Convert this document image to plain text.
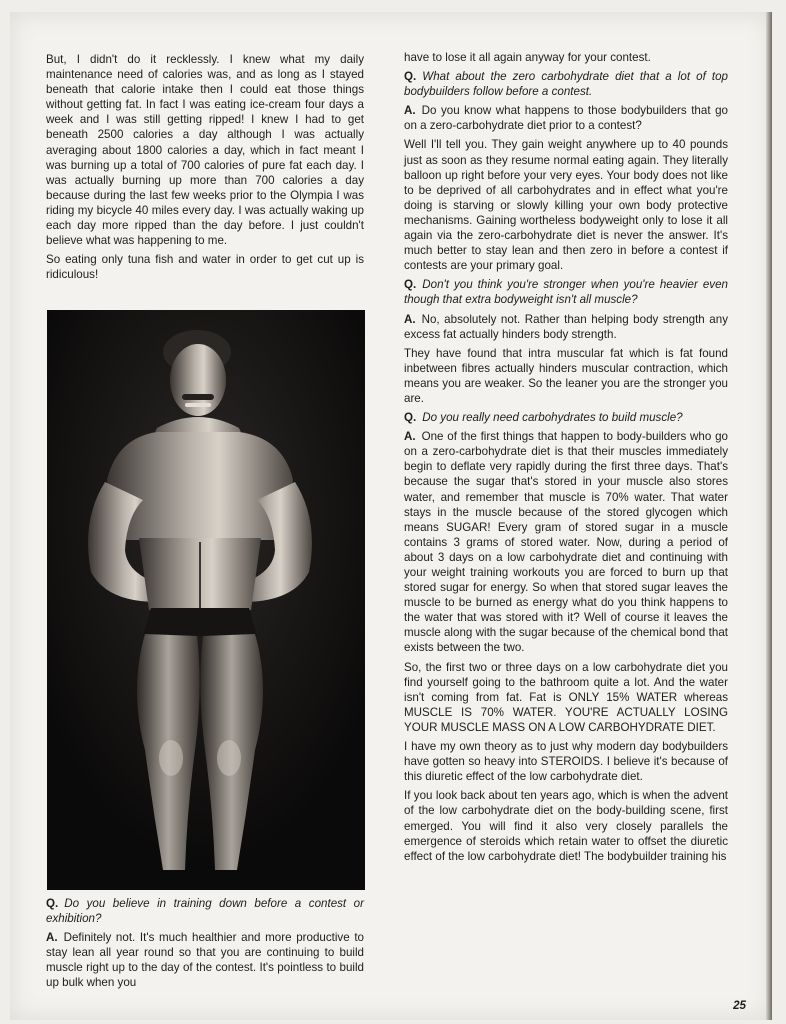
But, I didn't do it recklessly. I knew what my daily maintenance need of calories was, and as long as I stayed beneath that calorie intake then I could eat those things without getting fat. In fact I was eating ice-cream four days a week and I was still getting ripped! I knew I had to get beneath 2500 calories a day although I was actually averaging about 1800 calories a day, which in fact meant I was burning up a total of 700 calories of pure fat each day. I was actually burning up more than 700 calories a day because during the last few weeks prior to the Olympia I was riding my bicycle 40 miles every day. I was actually waking up each day more ripped than the day before. I just couldn't believe what was happening to me.

So eating only tuna fish and water in order to get cut up is ridiculous!

Q. Do you believe in training down before a contest or exhibition?

A. Definitely not. It's much healthier and more productive to stay lean all year round so that you are continuing to build muscle right up to the day of the contest. It's pointless to build up bulk when you

have to lose it all again anyway for your contest.

Q. What about the zero carbohydrate diet that a lot of top bodybuilders follow before a contest.

A. Do you know what happens to those bodybuilders that go on a zero-carbohydrate diet prior to a contest?

Well I'll tell you. They gain weight anywhere up to 40 pounds just as soon as they resume normal eating again. They literally balloon up right before your very eyes. Your body does not like to be deprived of all carbohydrates and in effect what you're doing is starving or slowly killing your own body protective mechanisms. Gaining wortheless bodyweight only to lose it all again via the zero-carbohydrate diet is never the answer. It's much better to stay lean and then zero in before a contest if contests are your primary goal.

Q. Don't you think you're stronger when you're heavier even though that extra bodyweight isn't all muscle?

A. No, absolutely not. Rather than helping body strength any excess fat actually hinders body strength.

They have found that intra muscular fat which is fat found inbetween fibres actually hinders muscular contraction, which means you are weaker. So the leaner you are the stronger you are.

Q. Do you really need carbohydrates to build muscle?

A. One of the first things that happen to body-builders who go on a zero-carbohydrate diet is that their muscles immediately begin to deflate very rapidly during the first three days. That's because the sugar that's stored in your muscle also stores water, and remember that muscle is 70% water. That water stays in the muscle because of the stored glycogen which means SUGAR! Every gram of stored sugar in a muscle contains 3 grams of stored water. Now, during a period of about 3 days on a low carbohydrate diet and continuing with your weight training workouts you are forced to burn up that stored sugar for energy. So when that stored sugar leaves the muscle to be burned as energy what do you think happens to the water that was stored with it? Well of course it leaves the muscle along with the sugar because of the chemical bond that exists between the two.

So, the first two or three days on a low carbohydrate diet you find yourself going to the bathroom quite a lot. And the water isn't coming from fat. Fat is ONLY 15% WATER whereas MUSCLE IS 70% WATER. YOU'RE ACTUALLY LOSING YOUR MUSCLE MASS ON A LOW CARBOHYDRATE DIET.

I have my own theory as to just why modern day bodybuilders have gotten so heavy into STEROIDS. I believe it's because of this diuretic effect of the low carbohydrate diet.

If you look back about ten years ago, which is when the advent of the low carbohydrate diet on the body-building scene, first emerged. You will find it also very closely parallels the emergence of steroids which retain water to offset the diuretic effect of the low carbohydrate diet! The bodybuilder training his

25
